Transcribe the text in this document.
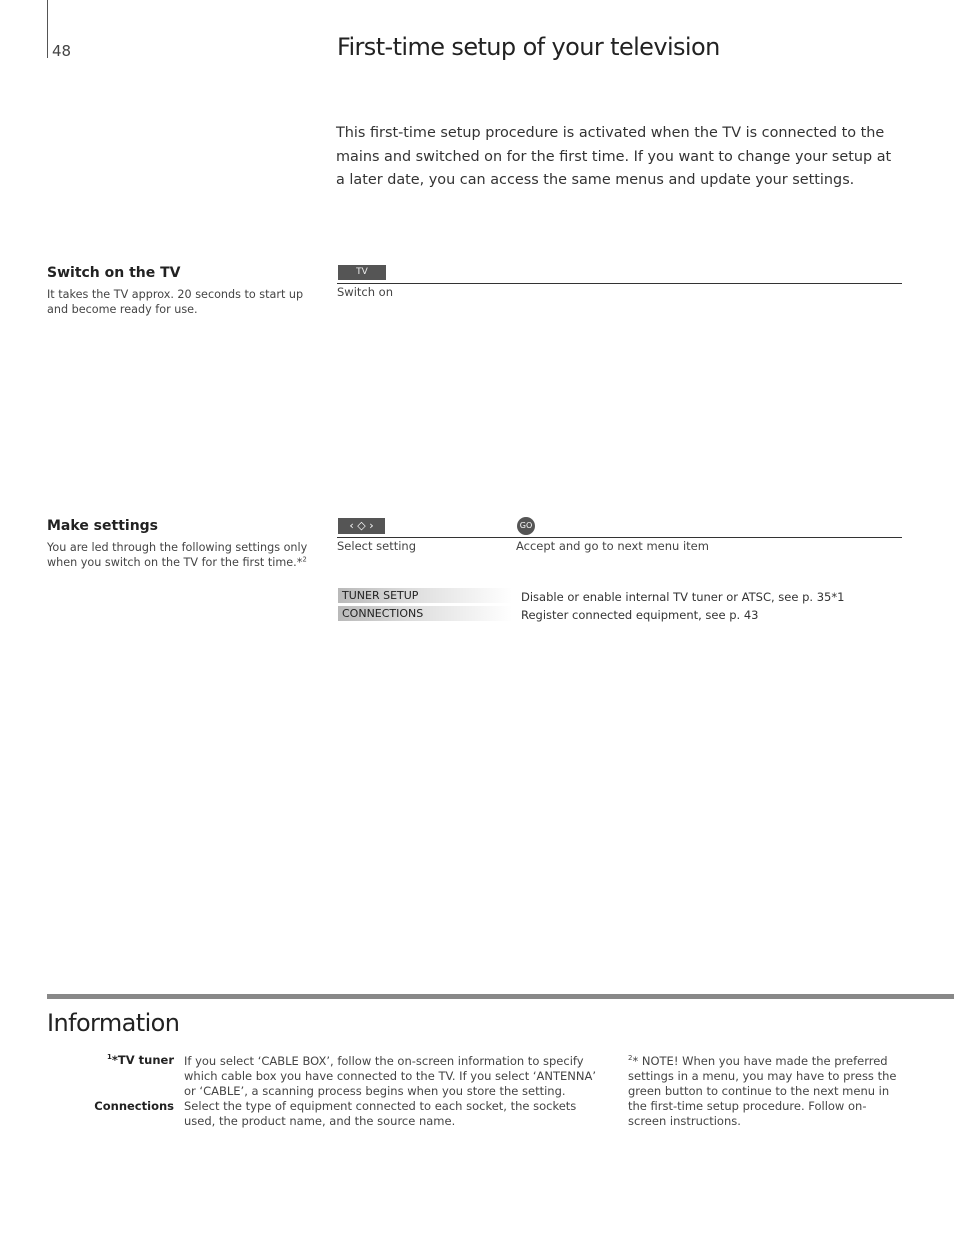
48	First-time setup of your television
This first-time setup procedure is activated when the TV is connected to the mains and switched on for the first time. If you want to change your setup at a later date, you can access the same menus and update your settings.
Switch on the TV
It takes the TV approx. 20 seconds to start up and become ready for use.
TV
Switch on
Make settings
You are led through the following settings only when you switch on the TV for the first time.*$^2$
‹ ◇ ›	GO
Select setting	Accept and go to next menu item
TUNER SETUP	Disable or enable internal TV tuner or ATSC, see p. 35*1
CONNECTIONS	Register connected equipment, see p. 43
Information
$^1$*TV tuner If you select ‘CABLE BOX’, follow the on-screen information to specify which cable box you have connected to the TV. If you select ‘ANTENNA’ or ‘CABLE’, a scanning process begins when you store the setting.
Connections Select the type of equipment connected to each socket, the sockets used, the product name, and the source name.
$^2$* NOTE! When you have made the preferred settings in a menu, you may have to press the green button to continue to the next menu in the first-time setup procedure. Follow on-screen instructions.
